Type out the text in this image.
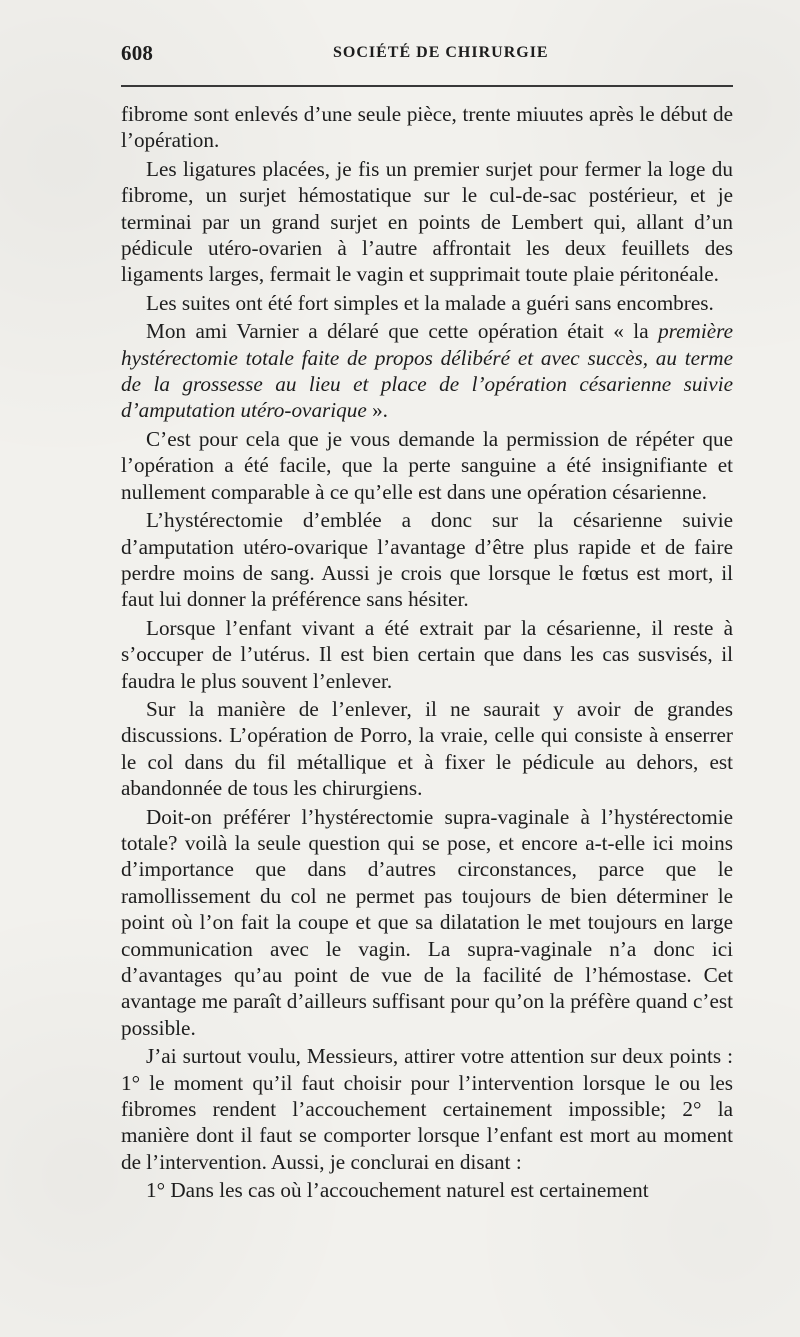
608	SOCIÉTÉ DE CHIRURGIE

fibrome sont enlevés d’une seule pièce, trente miuutes après le début de l’opération.

Les ligatures placées, je fis un premier surjet pour fermer la loge du fibrome, un surjet hémostatique sur le cul-de-sac postérieur, et je terminai par un grand surjet en points de Lembert qui, allant d’un pédicule utéro-ovarien à l’autre affrontait les deux feuillets des ligaments larges, fermait le vagin et supprimait toute plaie péritonéale.

Les suites ont été fort simples et la malade a guéri sans encombres.

Mon ami Varnier a délaré que cette opération était « la première hystérectomie totale faite de propos délibéré et avec succès, au terme de la grossesse au lieu et place de l’opération césarienne suivie d’amputation utéro-ovarique ».

C’est pour cela que je vous demande la permission de répéter que l’opération a été facile, que la perte sanguine a été insignifiante et nullement comparable à ce qu’elle est dans une opération césarienne.

L’hystérectomie d’emblée a donc sur la césarienne suivie d’amputation utéro-ovarique l’avantage d’être plus rapide et de faire perdre moins de sang. Aussi je crois que lorsque le fœtus est mort, il faut lui donner la préférence sans hésiter.

Lorsque l’enfant vivant a été extrait par la césarienne, il reste à s’occuper de l’utérus. Il est bien certain que dans les cas susvisés, il faudra le plus souvent l’enlever.

Sur la manière de l’enlever, il ne saurait y avoir de grandes discussions. L’opération de Porro, la vraie, celle qui consiste à enserrer le col dans du fil métallique et à fixer le pédicule au dehors, est abandonnée de tous les chirurgiens.

Doit-on préférer l’hystérectomie supra-vaginale à l’hystérectomie totale? voilà la seule question qui se pose, et encore a-t-elle ici moins d’importance que dans d’autres circonstances, parce que le ramollissement du col ne permet pas toujours de bien déterminer le point où l’on fait la coupe et que sa dilatation le met toujours en large communication avec le vagin. La supra-vaginale n’a donc ici d’avantages qu’au point de vue de la facilité de l’hémostase. Cet avantage me paraît d’ailleurs suffisant pour qu’on la préfère quand c’est possible.

J’ai surtout voulu, Messieurs, attirer votre attention sur deux points : 1° le moment qu’il faut choisir pour l’intervention lorsque le ou les fibromes rendent l’accouchement certainement impossible; 2° la manière dont il faut se comporter lorsque l’enfant est mort au moment de l’intervention. Aussi, je conclurai en disant :

1° Dans les cas où l’accouchement naturel est certainement
